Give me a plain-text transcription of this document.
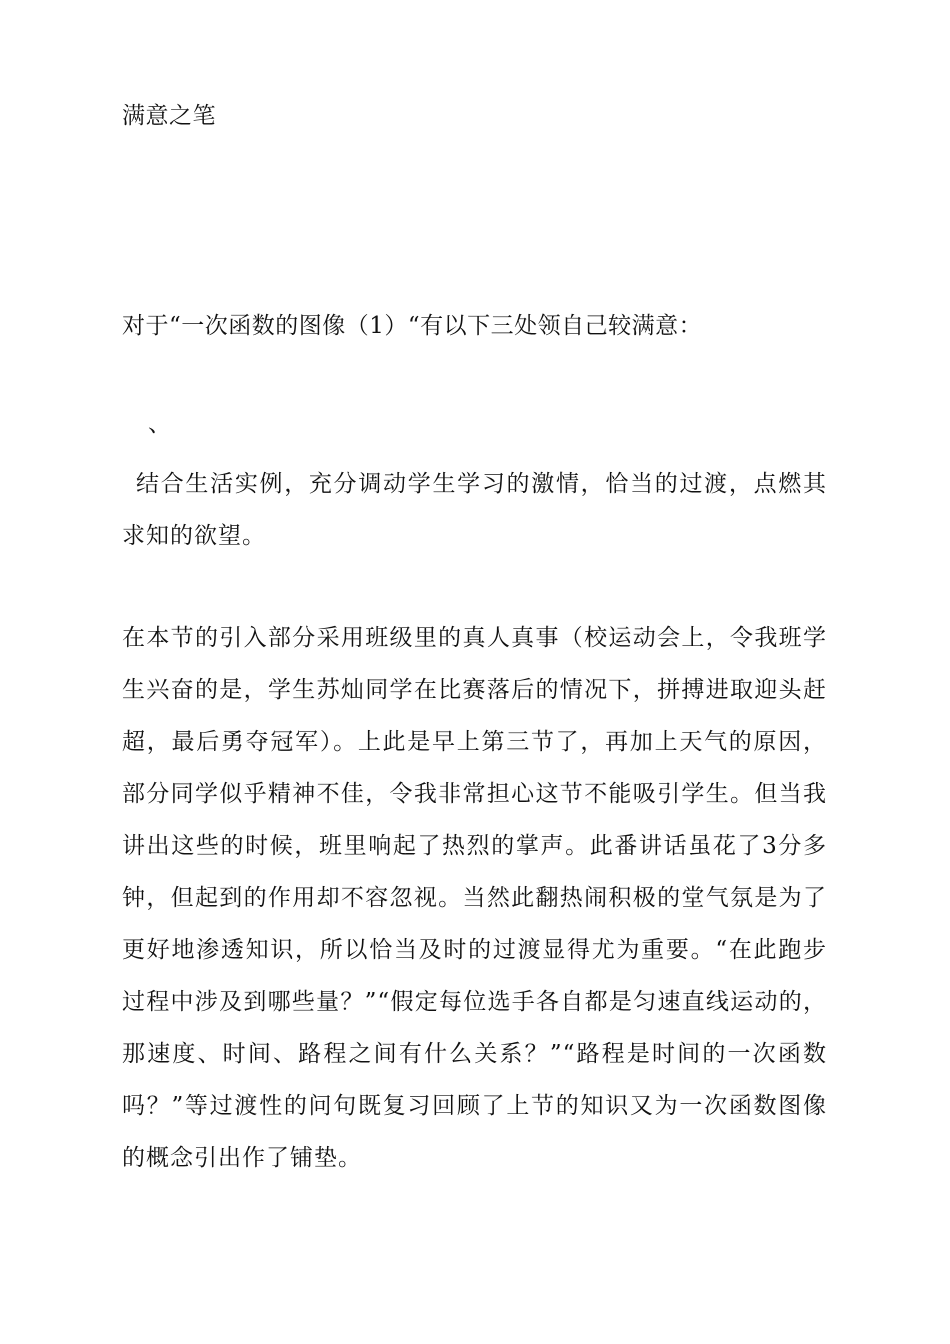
满意之笔
对于“一次函数的图像（1）“有以下三处领自己较满意：
、
结合生活实例，充分调动学生学习的激情，恰当的过渡，点燃其求知的欲望。
在本节的引入部分采用班级里的真人真事（校运动会上，令我班学生兴奋的是，学生苏灿同学在比赛落后的情况下，拼搏进取迎头赶超，最后勇夺冠军）。上此是早上第三节了，再加上天气的原因，部分同学似乎精神不佳，令我非常担心这节不能吸引学生。但当我讲出这些的时候，班里响起了热烈的掌声。此番讲话虽花了3分多钟，但起到的作用却不容忽视。当然此翻热闹积极的堂气氛是为了更好地渗透知识，所以恰当及时的过渡显得尤为重要。“在此跑步过程中涉及到哪些量？”“假定每位选手各自都是匀速直线运动的，那速度、时间、路程之间有什么关系？”“路程是时间的一次函数吗？”等过渡性的问句既复习回顾了上节的知识又为一次函数图像的概念引出作了铺垫。
